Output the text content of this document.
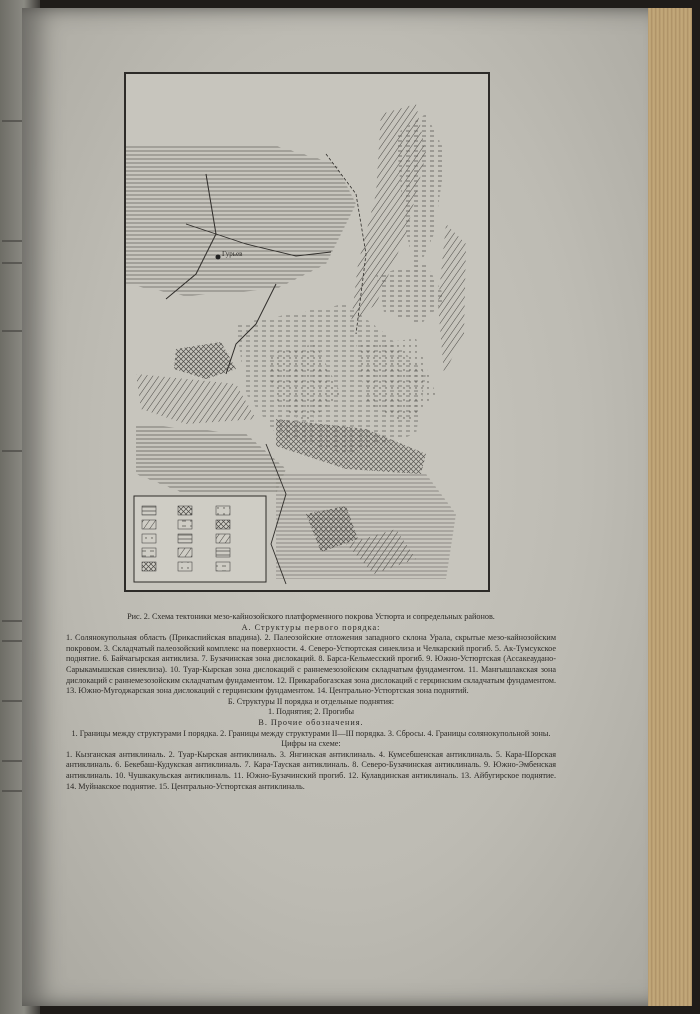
Гурьев

Рис. 2. Схема тектоники мезо-кайнозойского платформенного покрова Устюрта и сопредельных районов.

А. Структуры первого порядка:

1. Солянокупольная область (Прикаспийская впадина). 2. Палеозойские отложения западного склона Урала, скрытые мезо-кайнозойским покровом. 3. Складчатый палеозойский комплекс на поверхности. 4. Северо-Устюртская синеклиза и Челкарский прогиб. 5. Ак-Тумсукское поднятие. 6. Байчагырская антиклиза. 7. Бузачинская зона дислокаций. 8. Барса-Кельмесский прогиб. 9. Южно-Устюртская (Ассакеаудано-Сарыкамышская синеклиза). 10. Туар-Кырская зона дислокаций с раннемезозойским складчатым фундаментом. 11. Мангышлакская зона дислокаций с раннемезозойским складчатым фундаментом. 12. Прикарабогазская зона дислокаций с герцинским складчатым фундаментом. 13. Южно-Мугоджарская зона дислокаций с герцинским фундаментом. 14. Центрально-Устюртская зона поднятий.

Б. Структуры II порядка и отдельные поднятия:

1. Поднятия; 2. Прогибы

В. Прочие обозначения.

1. Границы между структурами I порядка. 2. Границы между структурами II—III порядка. 3. Сбросы. 4. Границы солянокупольной зоны.

Цифры на схеме:

1. Кызганская антиклиналь. 2. Туар-Кырская антиклиналь. 3. Янгинская антиклиналь. 4. Кумсебшенская антиклиналь. 5. Кара-Шорская антиклиналь. 6. Бекебаш-Кудукская антиклиналь. 7. Кара-Тауская антиклиналь. 8. Северо-Бузачинская антиклиналь. 9. Южно-Эмбенская антиклиналь. 10. Чушкакульская антиклиналь. 11. Южно-Бузачинский прогиб. 12. Кулавдинская антиклиналь. 13. Айбугирское поднятие. 14. Муйнакское поднятие. 15. Центрально-Устюртская антиклиналь.
